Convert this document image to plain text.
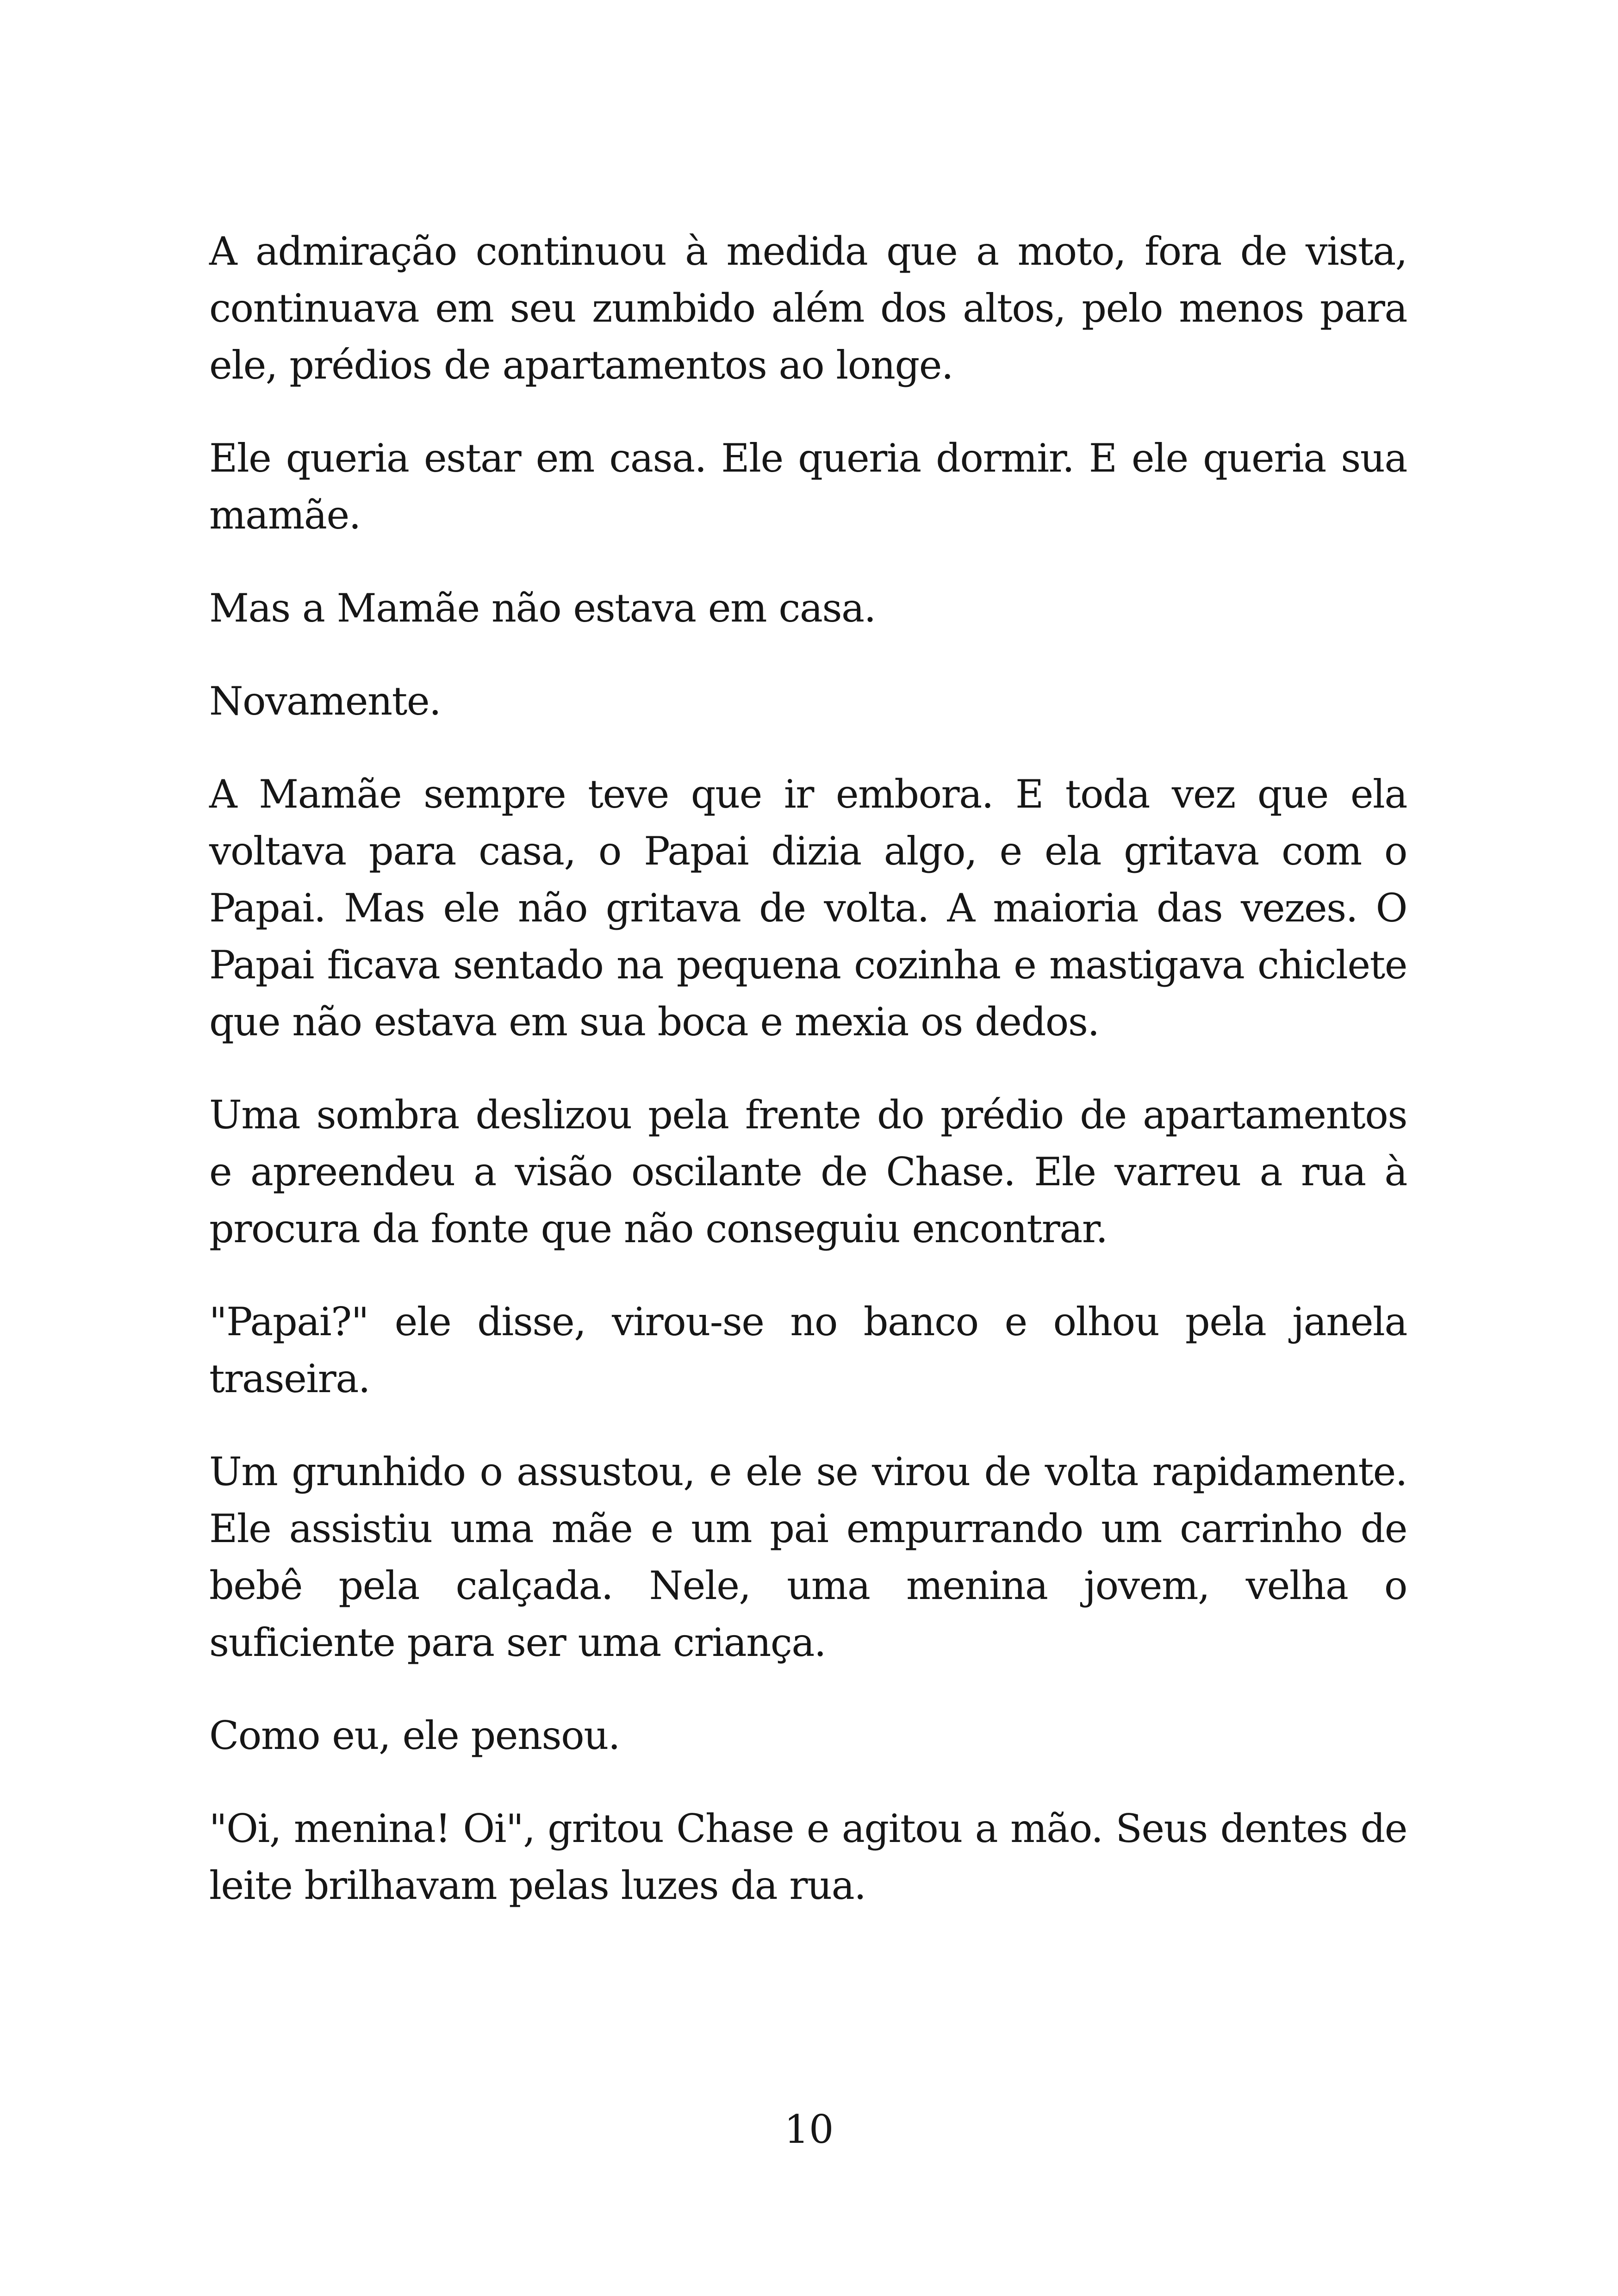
A admiração continuou à medida que a moto, fora de vista, continuava em seu zumbido além dos altos, pelo menos para ele, prédios de apartamentos ao longe.

Ele queria estar em casa. Ele queria dormir. E ele queria sua mamãe.

Mas a Mamãe não estava em casa.

Novamente.

A Mamãe sempre teve que ir embora. E toda vez que ela voltava para casa, o Papai dizia algo, e ela gritava com o Papai. Mas ele não gritava de volta. A maioria das vezes. O Papai ficava sentado na pequena cozinha e mastigava chiclete que não estava em sua boca e mexia os dedos.

Uma sombra deslizou pela frente do prédio de apartamentos e apreendeu a visão oscilante de Chase. Ele varreu a rua à procura da fonte que não conseguiu encontrar.

"Papai?" ele disse, virou-se no banco e olhou pela janela traseira.

Um grunhido o assustou, e ele se virou de volta rapidamente. Ele assistiu uma mãe e um pai empurrando um carrinho de bebê pela calçada. Nele, uma menina jovem, velha o suficiente para ser uma criança.

Como eu, ele pensou.

"Oi, menina! Oi", gritou Chase e agitou a mão. Seus dentes de leite brilhavam pelas luzes da rua.

10
